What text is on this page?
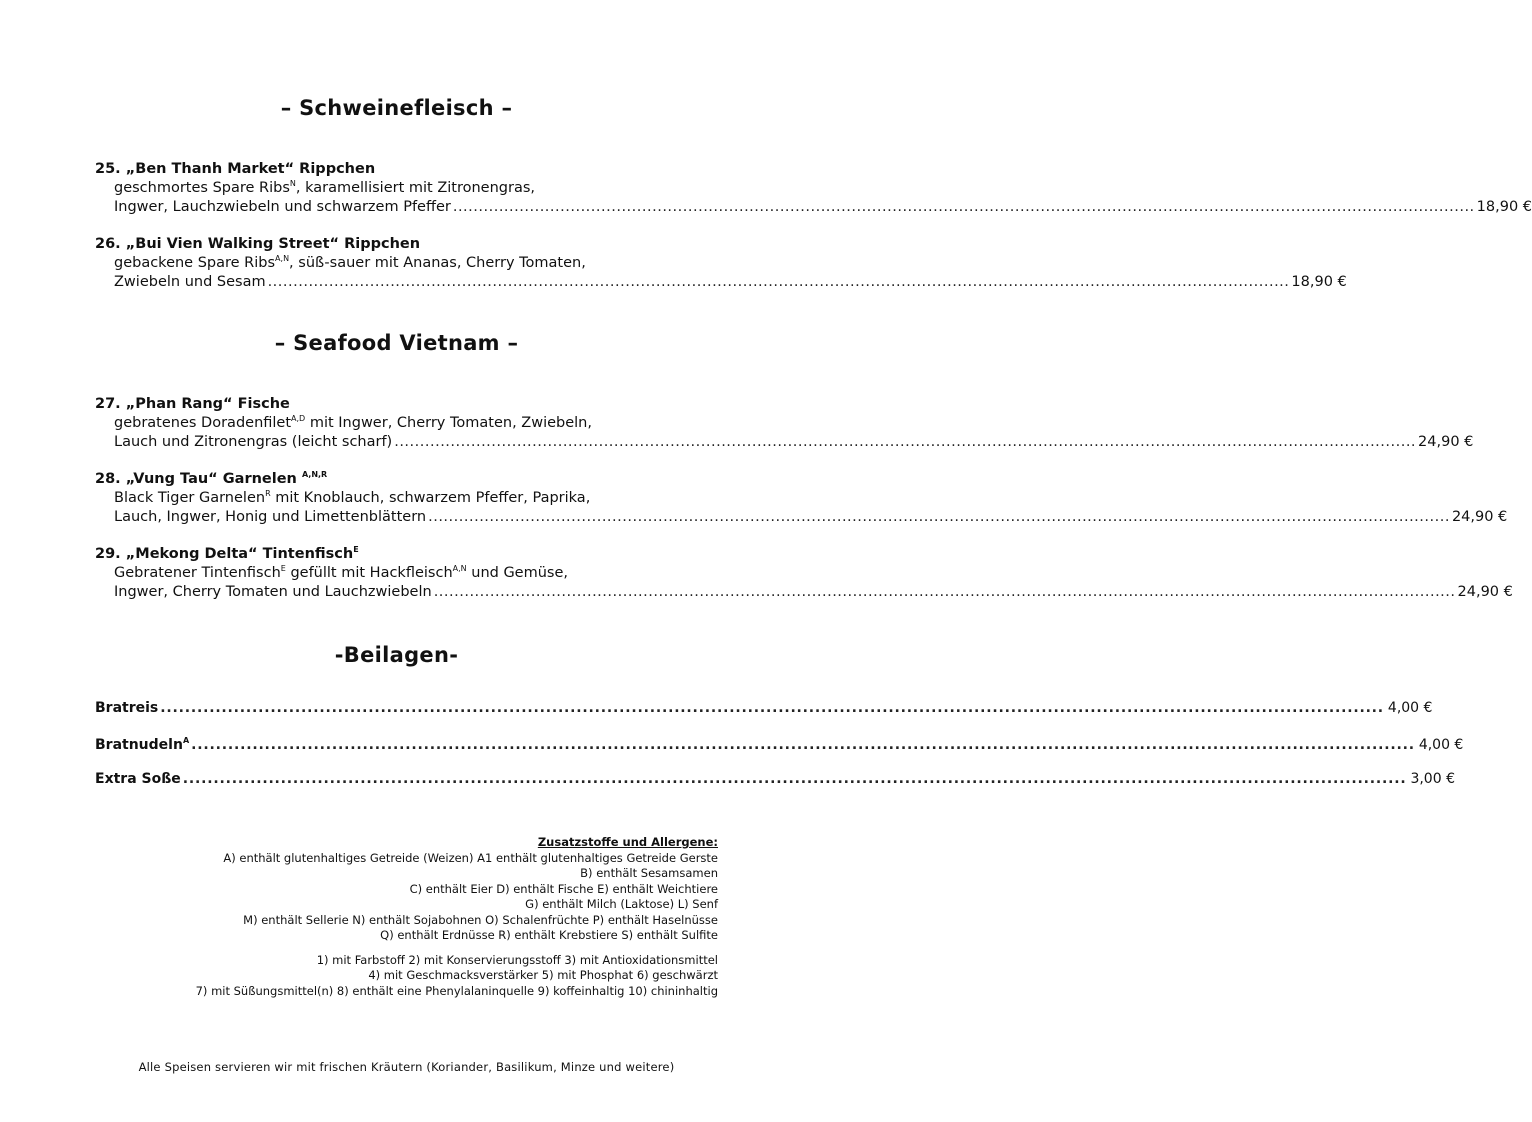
– Schweinefleisch –
25. „Ben Thanh Market“ Rippchen
geschmortes Spare Ribs$^N$, karamellisiert mit Zitronengras,
Ingwer, Lauchzwiebeln und schwarzem Pfeffer ........................................................................................................................................................................................................ 18,90 €
26. „Bui Vien Walking Street“ Rippchen
gebackene Spare Ribs$^{A,N}$, süß-sauer mit Ananas, Cherry Tomaten,
Zwiebeln und Sesam ........................................................................................................................................................................................................ 18,90 €
– Seafood Vietnam –
27. „Phan Rang“ Fische
gebratenes Doradenfilet$^{A,D}$ mit Ingwer, Cherry Tomaten, Zwiebeln,
Lauch und Zitronengras (leicht scharf) ........................................................................................................................................................................................................ 24,90 €
28. „Vung Tau“ Garnelen $^{A,N,R}$
Black Tiger Garnelen$^R$ mit Knoblauch, schwarzem Pfeffer, Paprika,
Lauch, Ingwer, Honig und Limettenblättern ........................................................................................................................................................................................................ 24,90 €
29. „Mekong Delta“ Tintenfisch$^E$
Gebratener Tintenfisch$^E$ gefüllt mit Hackfleisch$^{A,N}$ und Gemüse,
Ingwer, Cherry Tomaten und Lauchzwiebeln ........................................................................................................................................................................................................ 24,90 €
-Beilagen-
Bratreis ........................................................................................................................................................................................................ 4,00 €
Bratnudeln$^A$ ........................................................................................................................................................................................................ 4,00 €
Extra Soße ........................................................................................................................................................................................................ 3,00 €
Zusatzstoffe und Allergene:
A) enthält glutenhaltiges Getreide (Weizen) A1 enthält glutenhaltiges Getreide Gerste
B) enthält Sesamsamen
C) enthält Eier D) enthält Fische E) enthält Weichtiere
G) enthält Milch (Laktose) L) Senf
M) enthält Sellerie N) enthält Sojabohnen O) Schalenfrüchte P) enthält Haselnüsse
Q) enthält Erdnüsse R) enthält Krebstiere S) enthält Sulfite
1) mit Farbstoff 2) mit Konservierungsstoff 3) mit Antioxidationsmittel
4) mit Geschmacksverstärker 5) mit Phosphat 6) geschwärzt
7) mit Süßungsmittel(n) 8) enthält eine Phenylalaninquelle 9) koffeinhaltig 10) chininhaltig
Alle Speisen servieren wir mit frischen Kräutern (Koriander, Basilikum, Minze und weitere)
